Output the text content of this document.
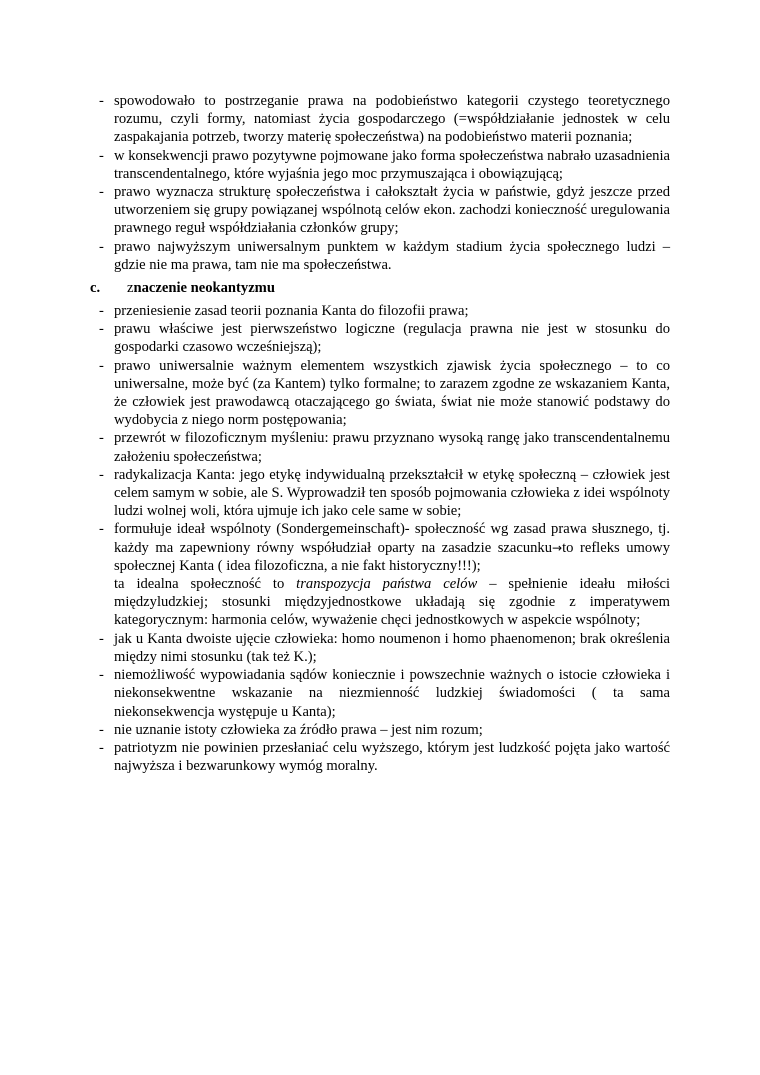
- spowodowało to postrzeganie prawa na podobieństwo kategorii czystego teoretycznego rozumu, czyli formy, natomiast życia gospodarczego (=współdziałanie jednostek w celu zaspakajania potrzeb, tworzy materię społeczeństwa) na podobieństwo materii poznania;
- w konsekwencji prawo pozytywne pojmowane jako forma społeczeństwa nabrało uzasadnienia transcendentalnego, które wyjaśnia jego moc przymuszająca i obowiązującą;
- prawo wyznacza strukturę społeczeństwa i całokształt życia w państwie, gdyż jeszcze przed utworzeniem się grupy powiązanej wspólnotą celów ekon. zachodzi konieczność uregulowania prawnego reguł współdziałania członków grupy;
- prawo najwyższym uniwersalnym punktem w każdym stadium życia społecznego ludzi – gdzie nie ma prawa, tam nie ma społeczeństwa.
c. znaczenie neokantyzmu
- przeniesienie zasad teorii poznania Kanta do filozofii prawa;
- prawu właściwe jest pierwszeństwo logiczne (regulacja prawna nie jest w stosunku do gospodarki czasowo wcześniejszą);
- prawo uniwersalnie ważnym elementem wszystkich zjawisk życia społecznego – to co uniwersalne, może być (za Kantem) tylko formalne; to zarazem zgodne ze wskazaniem Kanta, że człowiek jest prawodawcą otaczającego go świata, świat nie może stanowić podstawy do wydobycia z niego norm postępowania;
- przewrót w filozoficznym myśleniu: prawu przyznano wysoką rangę jako transcendentalnemu założeniu społeczeństwa;
- radykalizacja Kanta: jego etykę indywidualną przekształcił w etykę społeczną – człowiek jest celem samym w sobie, ale S. Wyprowadził ten sposób pojmowania człowieka z idei wspólnoty ludzi wolnej woli, która ujmuje ich jako cele same w sobie;
- formułuje ideał wspólnoty (Sondergemeinschaft)- społeczność wg zasad prawa słusznego, tj. każdy ma zapewniony równy współudział oparty na zasadzie szacunku→to refleks umowy społecznej Kanta ( idea filozoficzna, a nie fakt historyczny!!!);
ta idealna społeczność to transpozycja państwa celów – spełnienie ideału miłości międzyludzkiej; stosunki międzyjednostkowe układają się zgodnie z imperatywem kategorycznym: harmonia celów, wyważenie chęci jednostkowych w aspekcie wspólnoty;
- jak u Kanta dwoiste ujęcie człowieka: homo noumenon i homo phaenomenon; brak określenia między nimi stosunku (tak też K.);
- niemożliwość wypowiadania sądów koniecznie i powszechnie ważnych o istocie człowieka i niekonsekwentne wskazanie na niezmienność ludzkiej świadomości ( ta sama niekonsekwencja występuje u Kanta);
- nie uznanie istoty człowieka za źródło prawa – jest nim rozum;
- patriotyzm nie powinien przesłaniać celu wyższego, którym jest ludzkość pojęta jako wartość najwyższa i bezwarunkowy wymóg moralny.
